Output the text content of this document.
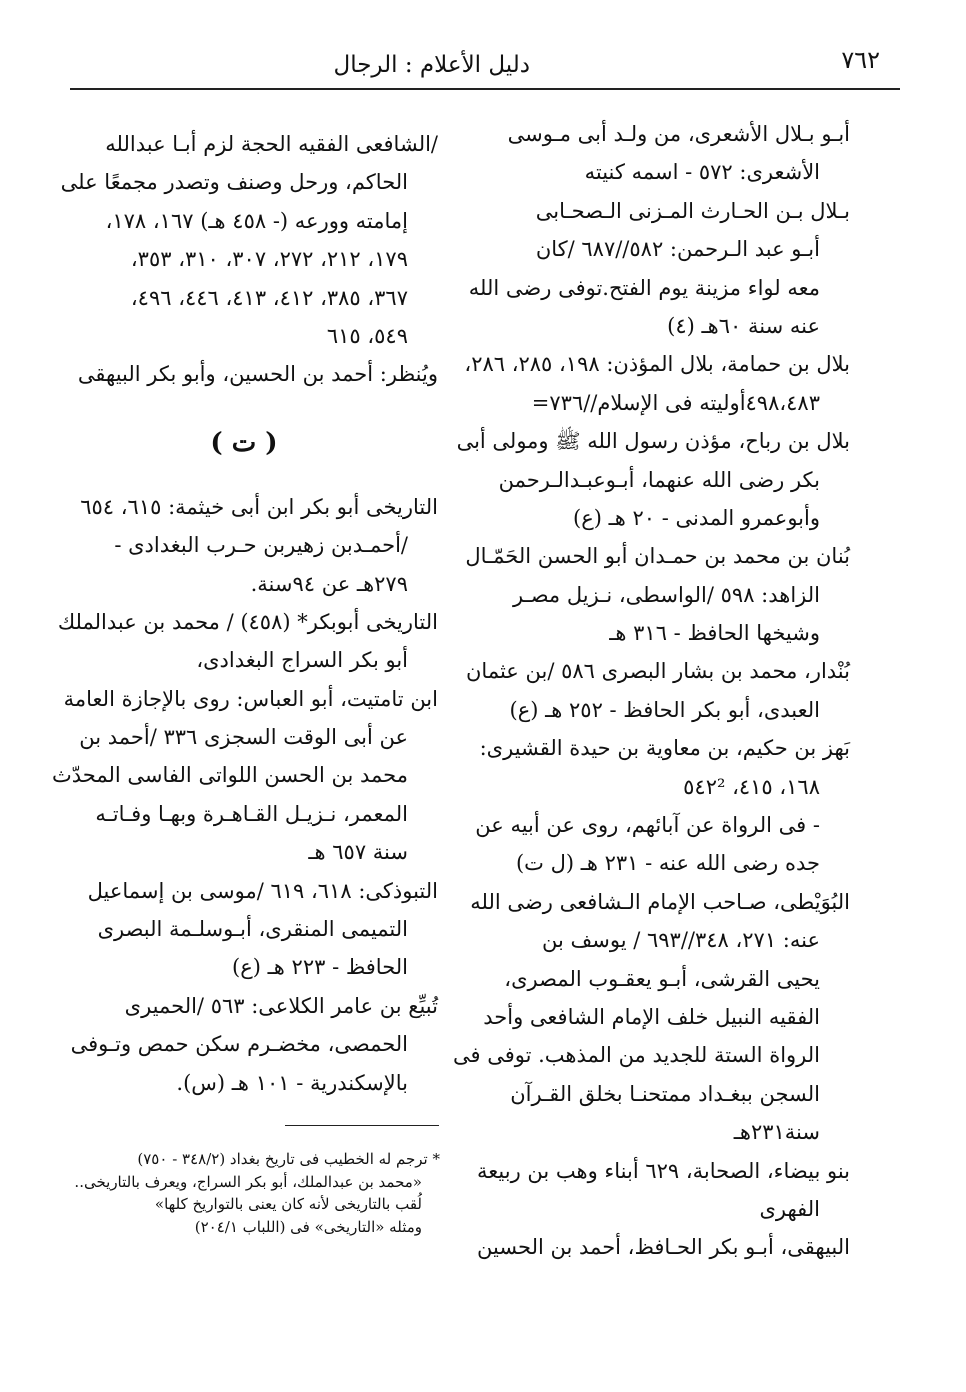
٧٦٢
دليل الأعلام : الرجال
أبـو بـلال الأشعرى، من ولـد أبى مـوسى
الأشعرى: ٥٧٢ - اسمه كنيته
بـلال بـن الحـارث المـزنى الـصحـابى
أبـو عبد الـرحمن: ٥٨٢//٦٨٧ /كان
معه لواء مزينة يوم الفتح.توفى رضى الله
عنه سنة ٦٠هـ (٤)
بلال بن حمامة، بلال المؤذن: ١٩٨، ٢٨٥، ٢٨٦،
٤٩٨،٤٨٣أوليته فى الإسلام//٧٣٦=
بلال بن رباح، مؤذن رسول الله ﷺ ومولى أبى
بكر رضى الله عنهما، أبـوعبـدالـرحمن
وأبوعمرو المدنى - ٢٠ هـ (ع)
بُنان بن محمد بن حمـدان أبو الحسن الحَمّـال
الزاهد: ٥٩٨ /الواسطى، نـزيل مصـر
وشيخها الحافظ - ٣١٦ هـ
بُنْدار، محمد بن بشار البصرى ٥٨٦ /بن عثمان
العبدى، أبو بكر الحافظ - ٢٥٢ هـ (ع)
بَهز بن حكيم، بن معاوية بن حيدة القشيرى:
١٦٨، ٤١٥، ٥٤٢²
- فى الرواة عن آبائهم، روى عن أبيه عن
جده رضى الله عنه - ٢٣١ هـ (ل ت)
البُوَيْطى، صـاحب الإمام الـشافعى رضى الله
عنه: ٢٧١، ٣٤٨//٦٩٣ / يوسف بن
يحيى القرشى، أبـو يعقـوب المصرى،
الفقيه النبيل خلف الإمام الشافعى وأحد
الرواة الستة للجديد من المذهب. توفى فى
السجن ببغـداد ممتحنـا بخلق القـرآن
سنة٢٣١هـ
بنو بيضاء، الصحابة، ٦٢٩ أبناء وهب بن ربيعة
الفهرى
البيهقى، أبـو بكر الحـافظ، أحمد بن الحسين
/الشافعى الفقيه الحجة لزم أبـا عبدالله
الحاكم، ورحل وصنف وتصدر مجمعًا على
إمامته وورعه (- ٤٥٨ هـ) ١٦٧، ١٧٨،
١٧٩، ٢١٢، ٢٧٢، ٣٠٧، ٣١٠، ٣٥٣،
٣٦٧، ٣٨٥، ٤١٢، ٤١٣، ٤٤٦، ٤٩٦،
٥٤٩، ٦١٥
ويُنظر: أحمد بن الحسين، وأبو بكر البيهقى
( ت )
التاريخى أبو بكر ابن أبى خيثمة: ٦١٥، ٦٥٤
/أحمـدبن زهيربن حـرب البغدادى -
٢٧٩هـ عن ٩٤سنة.
التاريخى أبوبكر* (٤٥٨) / محمد بن عبدالملك
أبو بكر السراج البغدادى،
ابن تامتيت، أبو العباس: روى بالإجازة العامة
عن أبى الوقت السجزى ٣٣٦ /أحمد بن
محمد بن الحسن اللواتى الفاسى المحدّث
المعمر، نـزيـل القـاهـرة وبهـا وفـاتـه
سنة ٦٥٧ هـ
التبوذكى: ٦١٨، ٦١٩ /موسى بن إسماعيل
التميمى المنقرى، أبـوسلـمة البصرى
الحافظ - ٢٢٣ هـ (ع)
تُبيِّع بن عامر الكلاعى: ٥٦٣ /الحميرى
الحمصى، مخضـرم سكن حمص وتـوفى
بالإسكندرية - ١٠١ هـ (س).
* ترجم له الخطيب فى تاريخ بغداد (٣٤٨/٢ - ٧٥٠)
«محمد بن عبدالملك، أبو بكر السراج، ويعرف بالتاريخى..
لُقب بالتاريخى لأنه كان يعنى بالتواريخ كلها»
ومثله «التاريخى» فى (اللباب ٢٠٤/١)
